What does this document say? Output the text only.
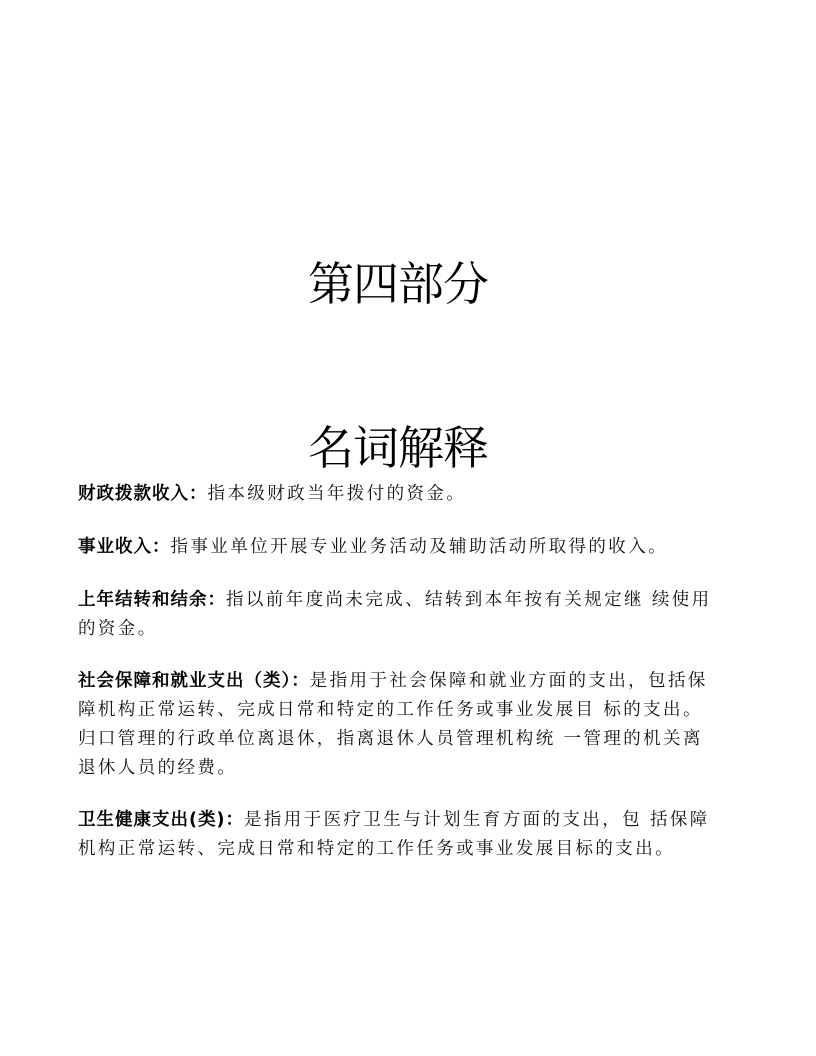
第四部分
名词解释

财政拨款收入：指本级财政当年拨付的资金。

事业收入：指事业单位开展专业业务活动及辅助活动所取得的收入。

上年结转和结余：指以前年度尚未完成、结转到本年按有关规定继 续使用的资金。

社会保障和就业支出（类）：是指用于社会保障和就业方面的支出，包括保障机构正常运转、完成日常和特定的工作任务或事业发展目 标的支出。归口管理的行政单位离退休，指离退休人员管理机构统 一管理的机关离退休人员的经费。

卫生健康支出(类)：是指用于医疗卫生与计划生育方面的支出，包 括保障机构正常运转、完成日常和特定的工作任务或事业发展目标的支出。
